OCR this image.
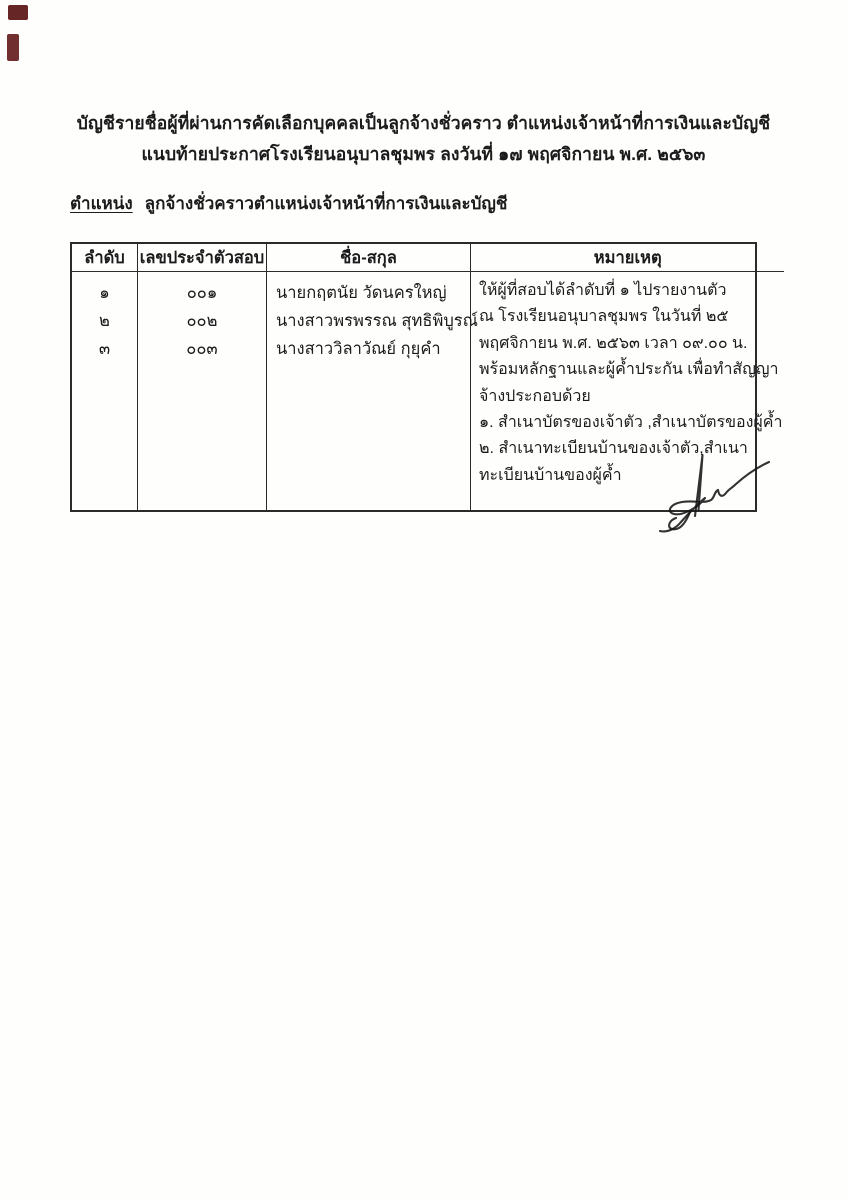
บัญชีรายชื่อผู้ที่ผ่านการคัดเลือกบุคคลเป็นลูกจ้างชั่วคราว ตำแหน่งเจ้าหน้าที่การเงินและบัญชี
แนบท้ายประกาศโรงเรียนอนุบาลชุมพร ลงวันที่ ๑๗ พฤศจิกายน พ.ศ. ๒๕๖๓
ตำแหน่ง ลูกจ้างชั่วคราวตำแหน่งเจ้าหน้าที่การเงินและบัญชี
ลำดับ เลขประจำตัวสอบ	ชื่อ-สกุล	หมายเหตุ
๑
๒
๓
๐๐๑
๐๐๒
๐๐๓
นายกฤตนัย วัดนครใหญ่
นางสาวพรพรรณ สุทธิพิบูรณ์
นางสาววิลาวัณย์ กุยุคำ
ให้ผู้ที่สอบได้ลำดับที่ ๑ ไปรายงานตัว
ณ โรงเรียนอนุบาลชุมพร ในวันที่ ๒๕
พฤศจิกายน พ.ศ. ๒๕๖๓ เวลา ๐๙.๐๐ น.
พร้อมหลักฐานและผู้ค้ำประกัน เพื่อทำสัญญา
จ้างประกอบด้วย
๑. สำเนาบัตรของเจ้าตัว ,สำเนาบัตรของผู้ค้ำ
๒. สำเนาทะเบียนบ้านของเจ้าตัว,สำเนา
ทะเบียนบ้านของผู้ค้ำ
